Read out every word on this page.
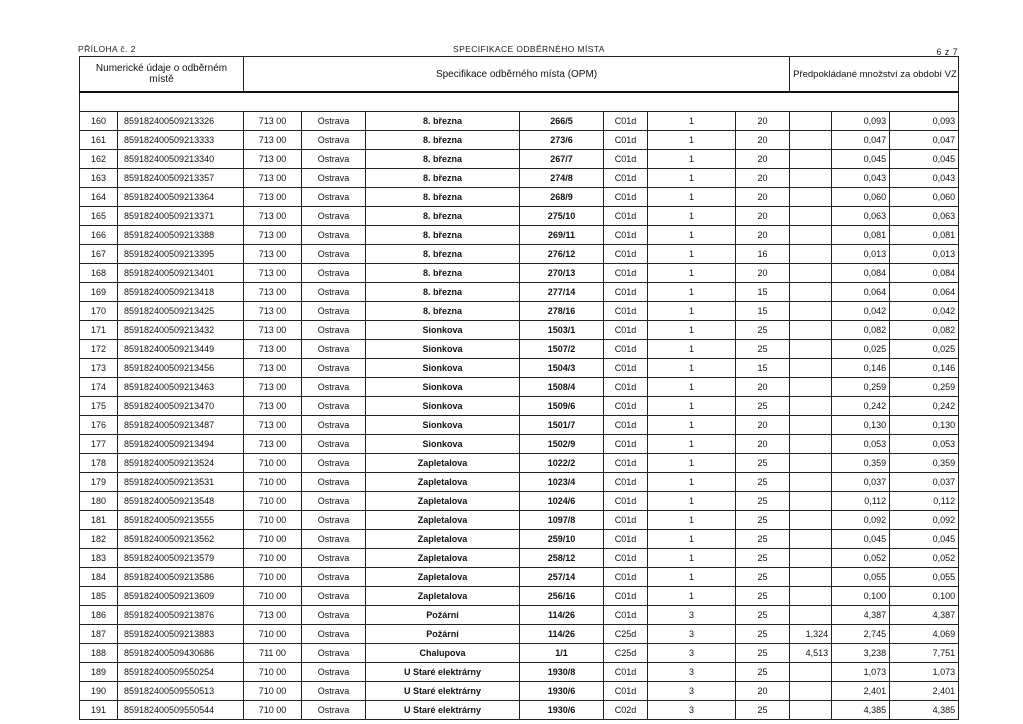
PŘÍLOHA č. 2	SPECIFIKACE ODBĚRNÉHO MÍSTA	6 z 7
Numerické údaje o odběrném místě		Specifikace odběrného místa (OPM)							Předpokládané množství za období VZ		

160	859182400509213326	713 00	Ostrava	8. března	266/5	C01d	1	20		0,093	0,093
161	859182400509213333	713 00	Ostrava	8. března	273/6	C01d	1	20		0,047	0,047
162	859182400509213340	713 00	Ostrava	8. března	267/7	C01d	1	20		0,045	0,045
163	859182400509213357	713 00	Ostrava	8. března	274/8	C01d	1	20		0,043	0,043
164	859182400509213364	713 00	Ostrava	8. března	268/9	C01d	1	20		0,060	0,060
165	859182400509213371	713 00	Ostrava	8. března	275/10	C01d	1	20		0,063	0,063
166	859182400509213388	713 00	Ostrava	8. března	269/11	C01d	1	20		0,081	0,081
167	859182400509213395	713 00	Ostrava	8. března	276/12	C01d	1	16		0,013	0,013
168	859182400509213401	713 00	Ostrava	8. března	270/13	C01d	1	20		0,084	0,084
169	859182400509213418	713 00	Ostrava	8. března	277/14	C01d	1	15		0,064	0,064
170	859182400509213425	713 00	Ostrava	8. března	278/16	C01d	1	15		0,042	0,042
171	859182400509213432	713 00	Ostrava	Sionkova	1503/1	C01d	1	25		0,082	0,082
172	859182400509213449	713 00	Ostrava	Sionkova	1507/2	C01d	1	25		0,025	0,025
173	859182400509213456	713 00	Ostrava	Sionkova	1504/3	C01d	1	15		0,146	0,146
174	859182400509213463	713 00	Ostrava	Sionkova	1508/4	C01d	1	20		0,259	0,259
175	859182400509213470	713 00	Ostrava	Sionkova	1509/6	C01d	1	25		0,242	0,242
176	859182400509213487	713 00	Ostrava	Sionkova	1501/7	C01d	1	20		0,130	0,130
177	859182400509213494	713 00	Ostrava	Sionkova	1502/9	C01d	1	20		0,053	0,053
178	859182400509213524	710 00	Ostrava	Zapletalova	1022/2	C01d	1	25		0,359	0,359
179	859182400509213531	710 00	Ostrava	Zapletalova	1023/4	C01d	1	25		0,037	0,037
180	859182400509213548	710 00	Ostrava	Zapletalova	1024/6	C01d	1	25		0,112	0,112
181	859182400509213555	710 00	Ostrava	Zapletalova	1097/8	C01d	1	25		0,092	0,092
182	859182400509213562	710 00	Ostrava	Zapletalova	259/10	C01d	1	25		0,045	0,045
183	859182400509213579	710 00	Ostrava	Zapletalova	258/12	C01d	1	25		0,052	0,052
184	859182400509213586	710 00	Ostrava	Zapletalova	257/14	C01d	1	25		0,055	0,055
185	859182400509213609	710 00	Ostrava	Zapletalova	256/16	C01d	1	25		0,100	0,100
186	859182400509213876	713 00	Ostrava	Požární	114/26	C01d	3	25		4,387	4,387
187	859182400509213883	710 00	Ostrava	Požární	114/26	C25d	3	25	1,324	2,745	4,069
188	859182400509430686	711 00	Ostrava	Chalupova	1/1	C25d	3	25	4,513	3,238	7,751
189	859182400509550254	710 00	Ostrava	U Staré elektrárny	1930/8	C01d	3	25		1,073	1,073
190	859182400509550513	710 00	Ostrava	U Staré elektrárny	1930/6	C01d	3	20		2,401	2,401
191	859182400509550544	710 00	Ostrava	U Staré elektrárny	1930/6	C02d	3	25		4,385	4,385
